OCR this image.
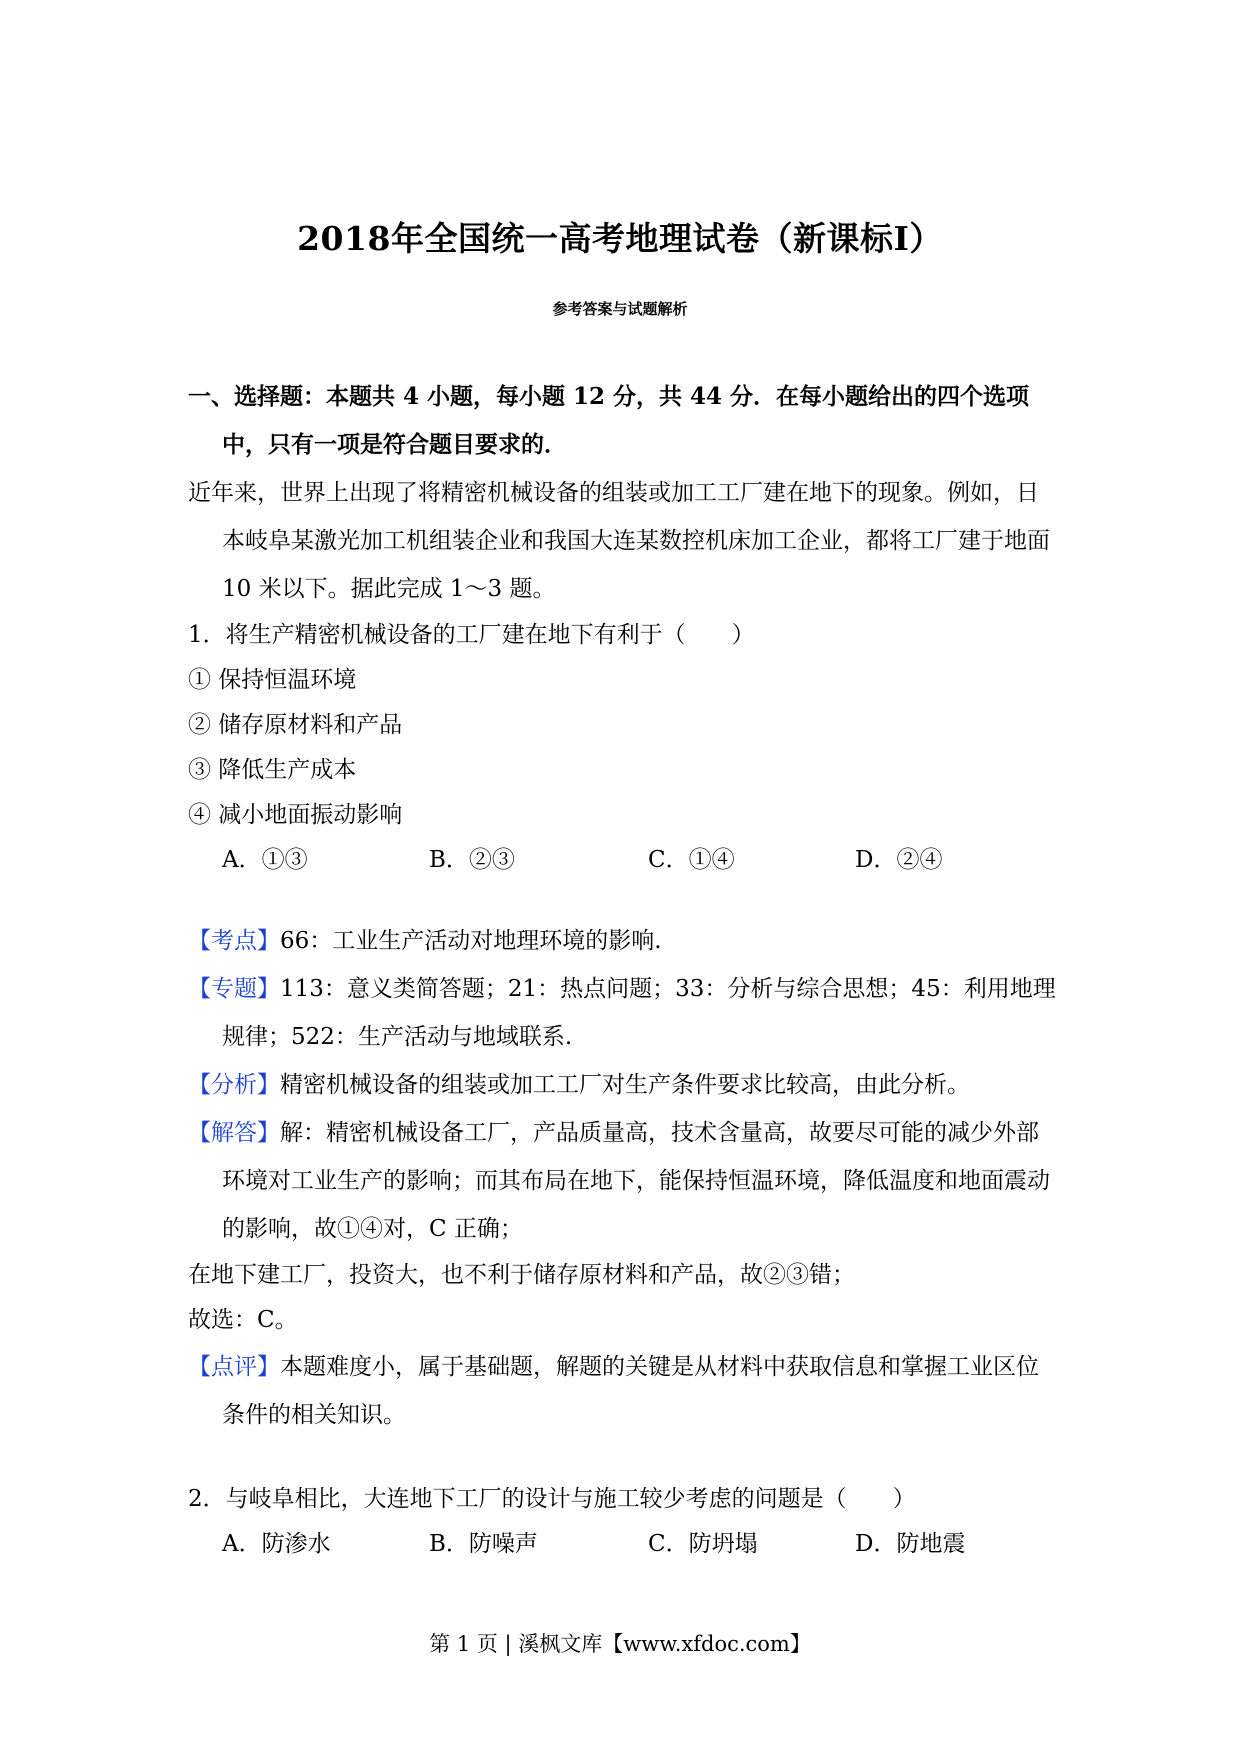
2018年全国统一高考地理试卷（新课标Ⅰ）
参考答案与试题解析

一、选择题：本题共 4 小题，每小题 12 分，共 44 分．在每小题给出的四个选项中，只有一项是符合题目要求的．

近年来，世界上出现了将精密机械设备的组装或加工工厂建在地下的现象。例如，日本岐阜某激光加工机组装企业和我国大连某数控机床加工企业，都将工厂建于地面 10 米以下。据此完成 1～3 题。

1．将生产精密机械设备的工厂建在地下有利于（　　）

① 保持恒温环境

② 储存原材料和产品

③ 降低生产成本

④ 减小地面振动影响

A．①③	B．②③	C．①④	D．②④

【考点】66：工业生产活动对地理环境的影响.

【专题】113：意义类简答题；21：热点问题；33：分析与综合思想；45：利用地理规律；522：生产活动与地域联系.

【分析】精密机械设备的组装或加工工厂对生产条件要求比较高，由此分析。

【解答】解：精密机械设备工厂，产品质量高，技术含量高，故要尽可能的减少外部环境对工业生产的影响；而其布局在地下，能保持恒温环境，降低温度和地面震动的影响，故①④对，C 正确；

在地下建工厂，投资大，也不利于储存原材料和产品，故②③错；

故选：C。

【点评】本题难度小，属于基础题，解题的关键是从材料中获取信息和掌握工业区位条件的相关知识。

2．与岐阜相比，大连地下工厂的设计与施工较少考虑的问题是（　　）

A．防渗水	B．防噪声	C．防坍塌	D．防地震
第 1 页 | 溪枫文库【www.xfdoc.com】
